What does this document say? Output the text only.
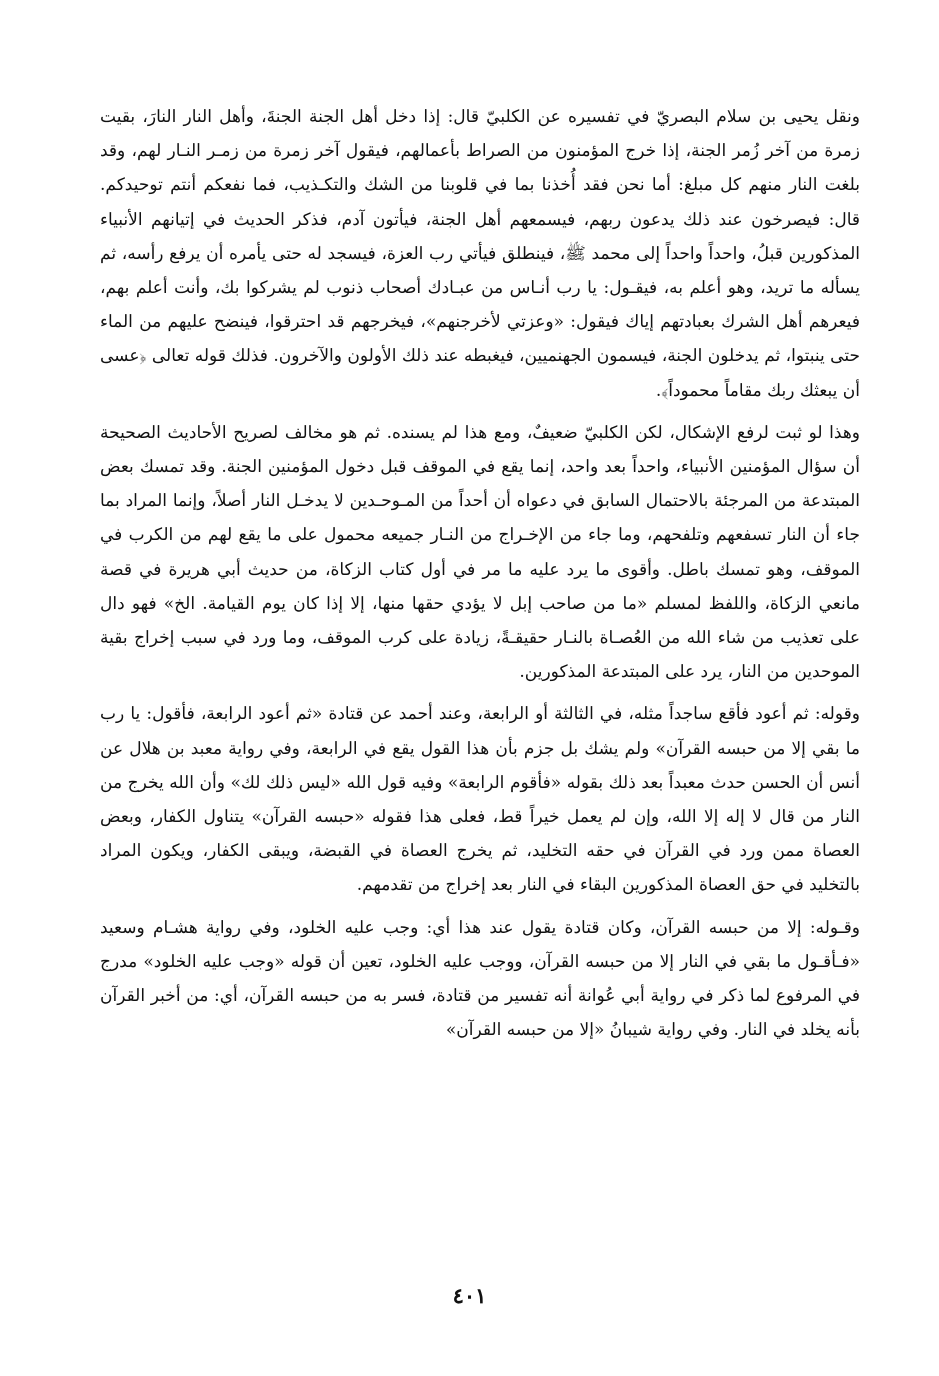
ونقل يحيى بن سلام البصريّ في تفسيره عن الكلبيّ قال: إذا دخل أهل الجنة الجنةَ، وأهل النار النارَ، بقيت زمرة من آخر زُمر الجنة، إذا خرج المؤمنون من الصراط بأعمالهم، فيقول آخر زمرة من زمـر النـار لهم، وقد بلغت النار منهم كل مبلغ: أما نحن فقد أُخذنا بما في قلوبنا من الشك والتكـذيب، فما نفعكم أنتم توحيدكم. قال: فيصرخون عند ذلك يدعون ربهم، فيسمعهم أهل الجنة، فيأتون آدم، فذكر الحديث في إتيانهم الأنبياء المذكورين قبلُ، واحداً واحداً إلى محمد ﷺ، فينطلق فيأتي رب العزة، فيسجد له حتى يأمره أن يرفع رأسه، ثم يسأله ما تريد، وهو أعلم به، فيقـول: يا رب أنـاس من عبـادك أصحاب ذنوب لم يشركوا بك، وأنت أعلم بهم، فيعرهم أهل الشرك بعبادتهم إياك فيقول: «وعزتي لأخرجنهم»، فيخرجهم قد احترقوا، فينضح عليهم من الماء حتى ينبتوا، ثم يدخلون الجنة، فيسمون الجهنميين، فيغبطه عند ذلك الأولون والآخرون. فذلك قوله تعالى ﴿عسى أن يبعثك ربك مقاماً محموداً﴾.

وهذا لو ثبت لرفع الإشكال، لكن الكلبيّ ضعيفٌ، ومع هذا لم يسنده. ثم هو مخالف لصريح الأحاديث الصحيحة أن سؤال المؤمنين الأنبياء، واحداً بعد واحد، إنما يقع في الموقف قبل دخول المؤمنين الجنة. وقد تمسك بعض المبتدعة من المرجئة بالاحتمال السابق في دعواه أن أحداً من المـوحـدين لا يدخـل النار أصلاً، وإنما المراد بما جاء أن النار تسفعهم وتلفحهم، وما جاء من الإخـراج من النـار جميعه محمول على ما يقع لهم من الكرب في الموقف، وهو تمسك باطل. وأقوى ما يرد عليه ما مر في أول كتاب الزكاة، من حديث أبي هريرة في قصة مانعي الزكاة، واللفظ لمسلم «ما من صاحب إبل لا يؤدي حقها منها، إلا إذا كان يوم القيامة. الخ» فهو دال على تعذيب من شاء الله من العُصـاة بالنـار حقيقـةً، زيادة على كرب الموقف، وما ورد في سبب إخراج بقية الموحدين من النار، يرد على المبتدعة المذكورين.

وقوله: ثم أعود فأقع ساجداً مثله، في الثالثة أو الرابعة، وعند أحمد عن قتادة «ثم أعود الرابعة، فأقول: يا رب ما بقي إلا من حبسه القرآن» ولم يشك بل جزم بأن هذا القول يقع في الرابعة، وفي رواية معبد بن هلال عن أنس أن الحسن حدث معبداً بعد ذلك بقوله «فأقوم الرابعة» وفيه قول الله «ليس ذلك لك» وأن الله يخرج من النار من قال لا إله إلا الله، وإن لم يعمل خيراً قط، فعلى هذا فقوله «حبسه القرآن» يتناول الكفار، وبعض العصاة ممن ورد في القرآن في حقه التخليد، ثم يخرج العصاة في القبضة، ويبقى الكفار، ويكون المراد بالتخليد في حق العصاة المذكورين البقاء في النار بعد إخراج من تقدمهم.

وقـوله: إلا من حبسه القرآن، وكان قتادة يقول عند هذا أي: وجب عليه الخلود، وفي رواية هشـام وسعيد «فـأقـول ما بقي في النار إلا من حبسه القرآن، ووجب عليه الخلود، تعين أن قوله «وجب عليه الخلود» مدرج في المرفوع لما ذكر في رواية أبي عُوانة أنه تفسير من قتادة، فسر به من حبسه القرآن، أي: من أخبر القرآن بأنه يخلد في النار. وفي رواية شيبانُ «إلا من حبسه القرآن»

٤٠١
